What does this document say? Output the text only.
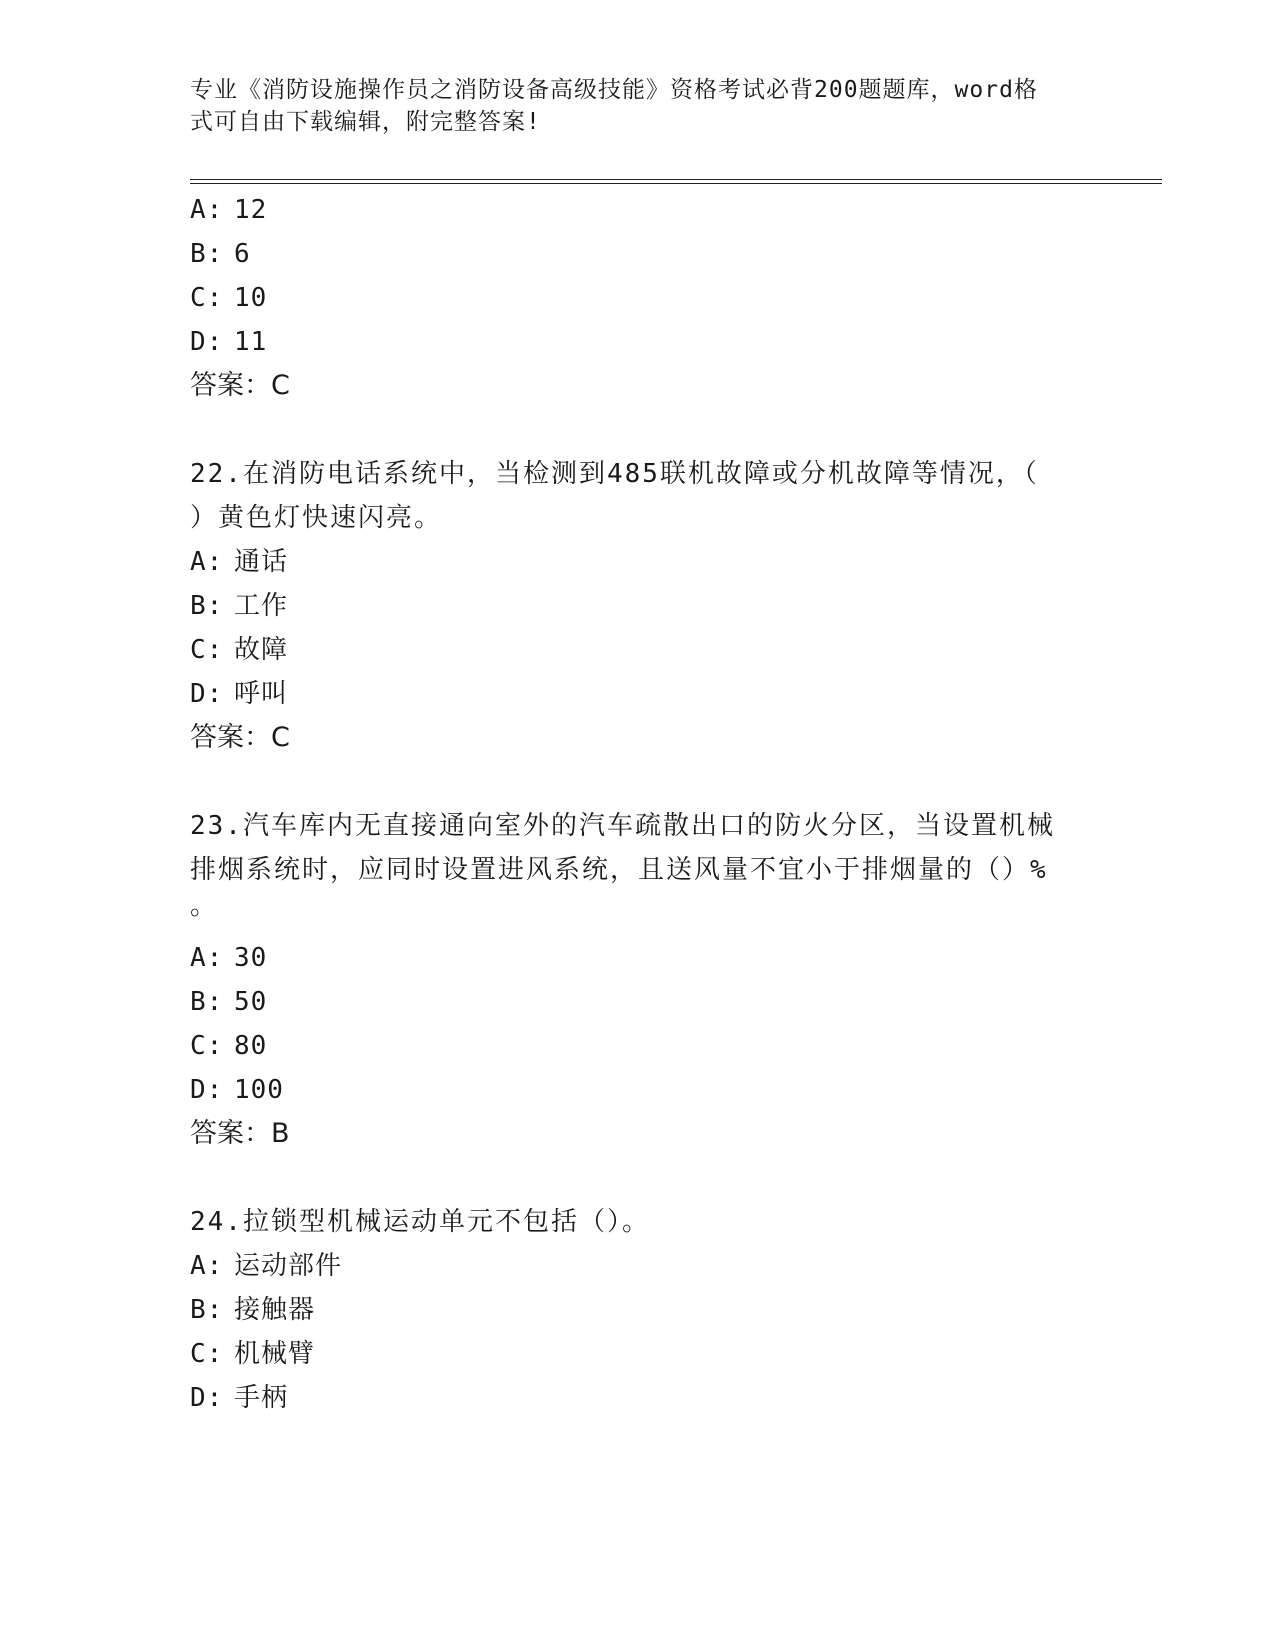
专业《消防设施操作员之消防设备高级技能》资格考试必背200题题库，word格
式可自由下载编辑，附完整答案!
A: 12
B: 6
C: 10
D: 11
答案：C
22.在消防电话系统中，当检测到485联机故障或分机故障等情况，（
）黄色灯快速闪亮。
A: 通话
B: 工作
C: 故障
D: 呼叫
答案：C
23.汽车库内无直接通向室外的汽车疏散出口的防火分区，当设置机械
排烟系统时，应同时设置进风系统，且送风量不宜小于排烟量的（）%
。
A: 30
B: 50
C: 80
D: 100
答案：B
24.拉锁型机械运动单元不包括（）。
A: 运动部件
B: 接触器
C: 机械臂
D: 手柄
